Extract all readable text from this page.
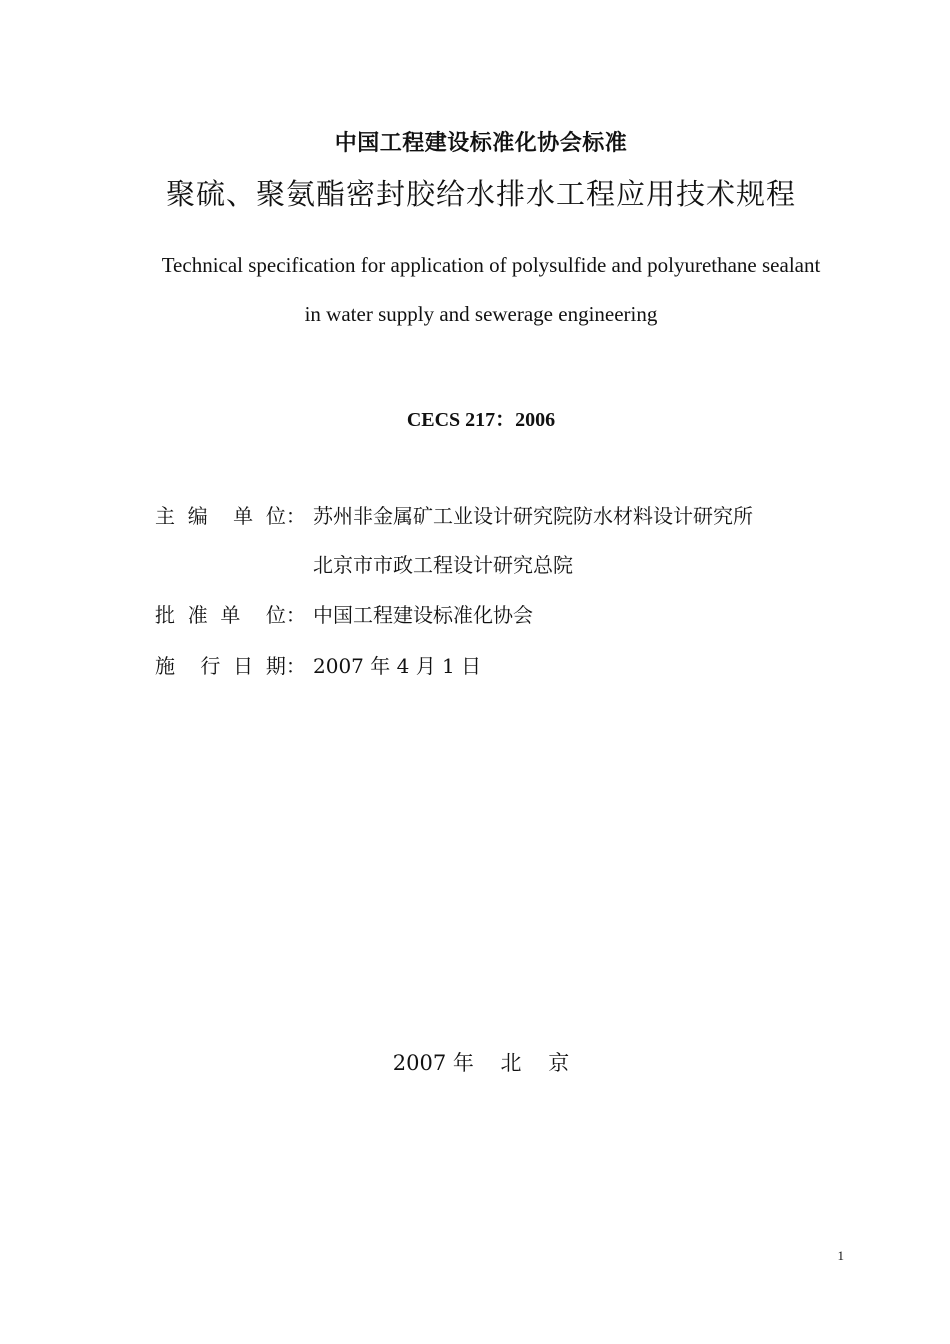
中国工程建设标准化协会标准
聚硫、聚氨酯密封胶给水排水工程应用技术规程
Technical specification for application of polysulfide and polyurethane sealant
in water supply and sewerage engineering
CECS 217：2006
主  编    单  位： 苏州非金属矿工业设计研究院防水材料设计研究所
北京市市政工程设计研究总院
批  准  单    位： 中国工程建设标准化协会
施    行  日  期： 2007 年 4 月 1 日
2007 年    北    京
1
